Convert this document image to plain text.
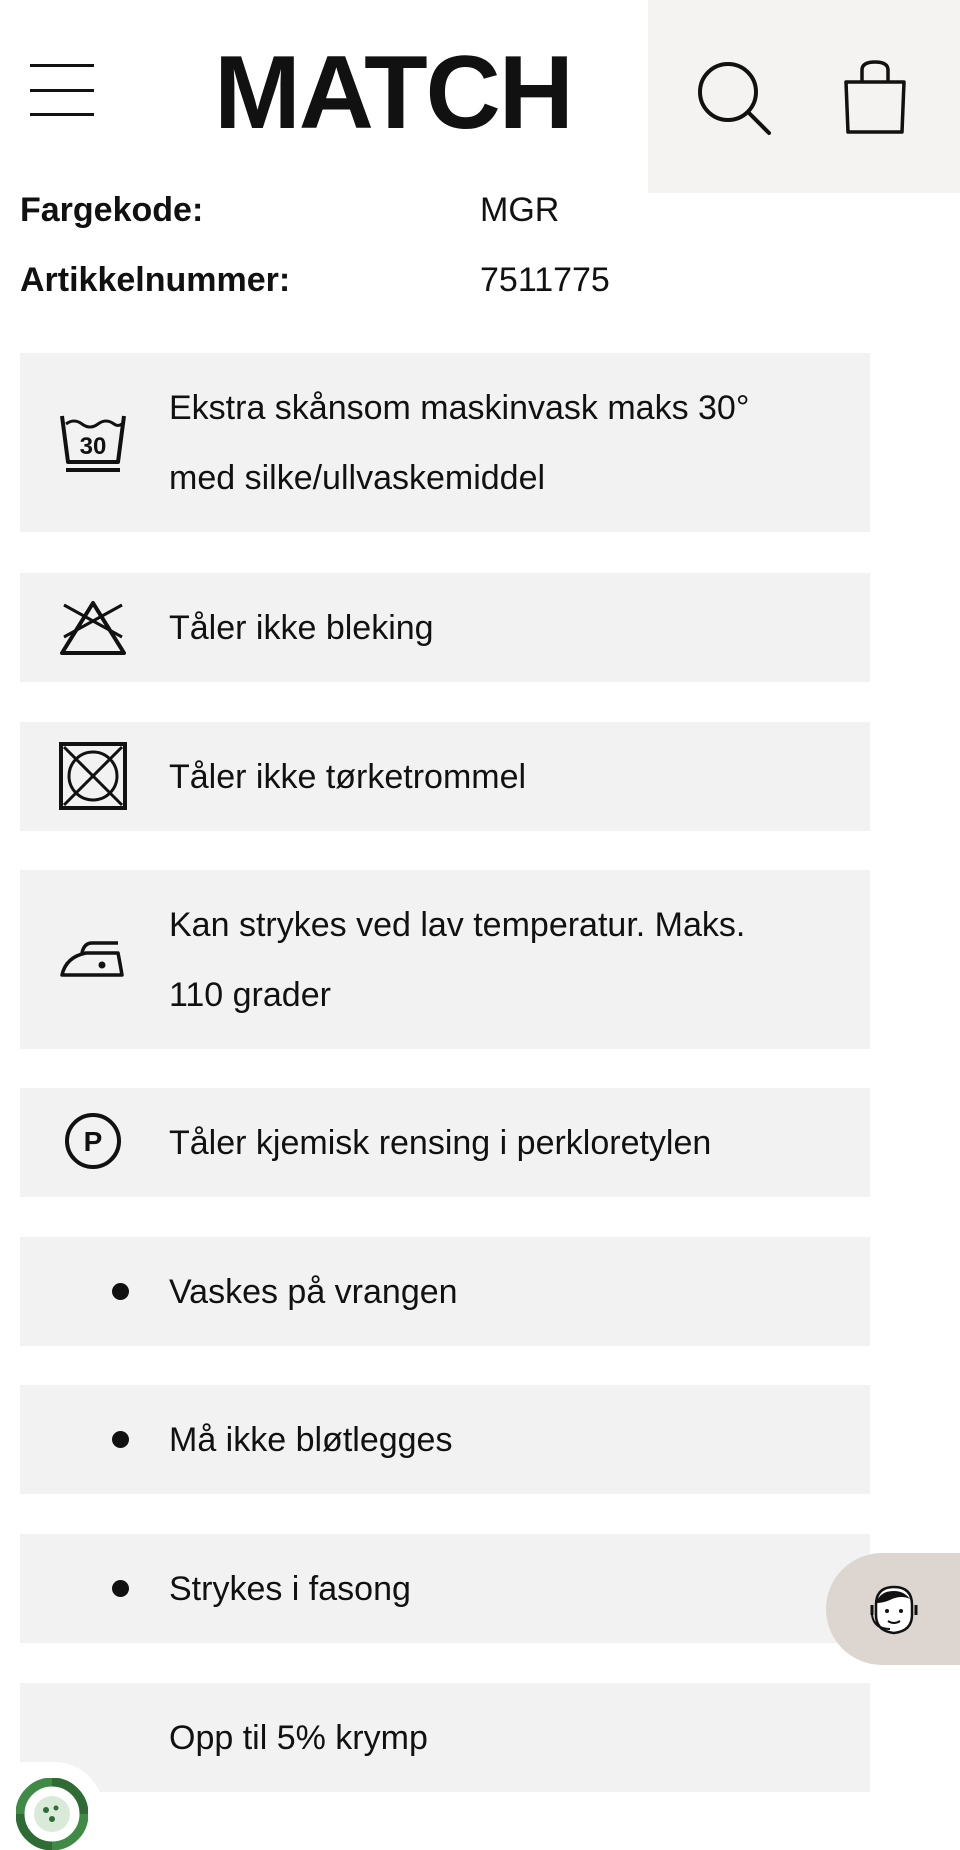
MATCH
Fargekode:	MGR
Artikkelnummer:	7511775
30
Ekstra skånsom maskinvask maks 30°
med silke/ullvaskemiddel
Tåler ikke bleking
Tåler ikke tørketrommel
Kan strykes ved lav temperatur. Maks.
110 grader
P Tåler kjemisk rensing i perkloretylen
Vaskes på vrangen
Må ikke bløtlegges
Strykes i fasong
Opp til 5% krymp
